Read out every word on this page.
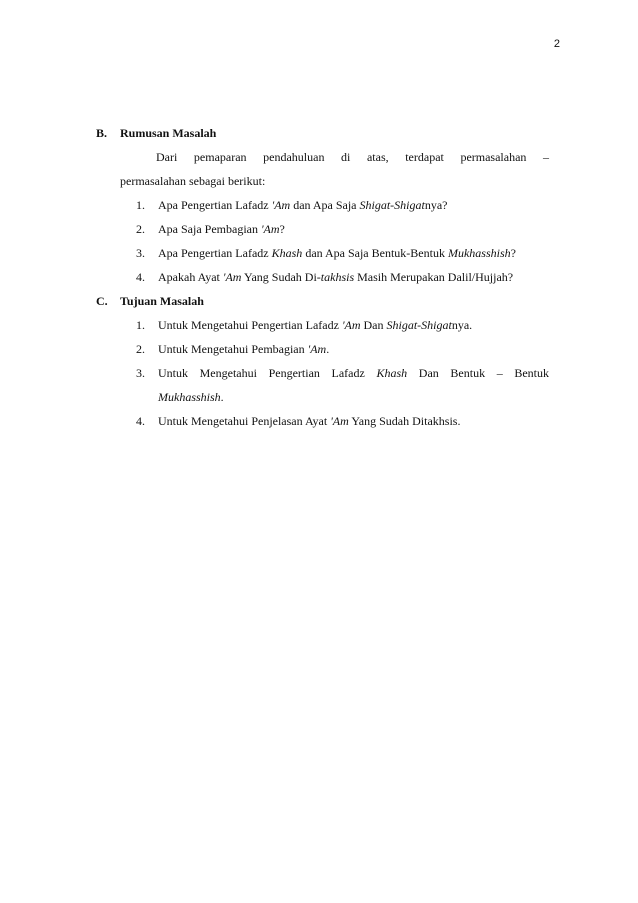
2
B.	Rumusan Masalah
Dari pemaparan pendahuluan di atas, terdapat permasalahan –
permasalahan sebagai berikut:
1.	Apa Pengertian Lafadz 'Am dan Apa Saja Shigat-Shigatnya?
2.	Apa Saja Pembagian 'Am?
3.	Apa Pengertian Lafadz Khash dan Apa Saja Bentuk-Bentuk Mukhasshish?
4.	Apakah Ayat 'Am Yang Sudah Di-takhsis Masih Merupakan Dalil/Hujjah?
C.	Tujuan Masalah
1.	Untuk Mengetahui Pengertian Lafadz 'Am Dan Shigat-Shigatnya.
2.	Untuk Mengetahui Pembagian 'Am.
3.	Untuk Mengetahui Pengertian Lafadz Khash Dan Bentuk – Bentuk
Mukhasshish.
4.	Untuk Mengetahui Penjelasan Ayat 'Am Yang Sudah Ditakhsis.
